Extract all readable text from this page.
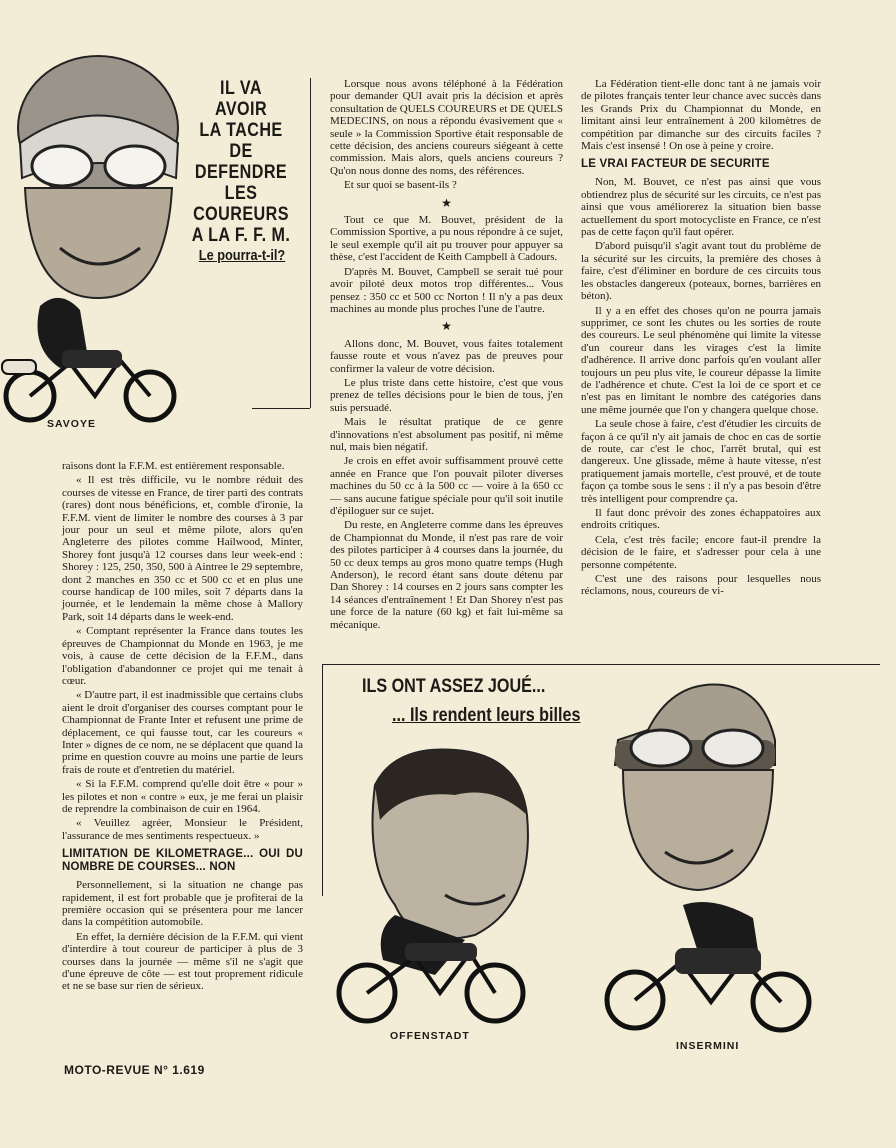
SAVOYE
IL VA
AVOIR
LA TACHE
DE DEFENDRE
LES
COUREURS
A LA F. F. M.
Le pourra-t-il?

raisons dont la F.F.M. est entièrement responsable.

« Il est très difficile, vu le nombre réduit des courses de vitesse en France, de tirer parti des contrats (rares) dont nous bénéficions, et, comble d'ironie, la F.F.M. vient de limiter le nombre des courses à 3 par jour pour un seul et même pilote, alors qu'en Angleterre des pilotes comme Hailwood, Minter, Shorey font jusqu'à 12 courses dans leur week-end : Shorey : 125, 250, 350, 500 à Aintree le 29 septembre, dont 2 manches en 350 cc et 500 cc et en plus une course handicap de 100 miles, soit 7 départs dans la journée, et le lendemain la même chose à Mallory Park, soit 14 départs dans le week-end.

« Comptant représenter la France dans toutes les épreuves de Championnat du Monde en 1963, je me vois, à cause de cette décision de la F.F.M., dans l'obligation d'abandonner ce projet qui me tenait à cœur.

« D'autre part, il est inadmissible que certains clubs aient le droit d'organiser des courses comptant pour le Championnat de Frante Inter et refusent une prime de déplacement, ce qui fausse tout, car les coureurs « Inter » dignes de ce nom, ne se déplacent que quand la prime en question couvre au moins une partie de leurs frais de route et d'entretien du matériel.

« Si la F.F.M. comprend qu'elle doit être « pour » les pilotes et non « contre » eux, je me ferai un plaisir de reprendre la combinaison de cuir en 1964.

« Veuillez agréer, Monsieur le Président, l'assurance de mes sentiments respectueux. »

LIMITATION DE KILOMETRAGE... OUI DU NOMBRE DE COURSES... NON

Personnellement, si la situation ne change pas rapidement, il est fort probable que je profiterai de la première occasion qui se présentera pour me lancer dans la compétition automobile.

En effet, la dernière décision de la F.F.M. qui vient d'interdire à tout coureur de participer à plus de 3 courses dans la journée — même s'il ne s'agit que d'une épreuve de côte — est tout proprement ridicule et ne se base sur rien de sérieux.

Lorsque nous avons téléphoné à la Fédération pour demander QUI avait pris la décision et après consultation de QUELS COUREURS et DE QUELS MEDECINS, on nous a répondu évasivement que « seule » la Commission Sportive était responsable de cette décision, des anciens coureurs siégeant à cette commission. Mais alors, quels anciens coureurs ? Qu'on nous donne des noms, des références.

Et sur quoi se basent-ils ?

★

Tout ce que M. Bouvet, président de la Commission Sportive, a pu nous répondre à ce sujet, le seul exemple qu'il ait pu trouver pour appuyer sa thèse, c'est l'accident de Keith Campbell à Cadours.

D'après M. Bouvet, Campbell se serait tué pour avoir piloté deux motos trop différentes... Vous pensez : 350 cc et 500 cc Norton ! Il n'y a pas deux machines au monde plus proches l'une de l'autre.

★

Allons donc, M. Bouvet, vous faites totalement fausse route et vous n'avez pas de preuves pour confirmer la valeur de votre décision.

Le plus triste dans cette histoire, c'est que vous prenez de telles décisions pour le bien de tous, j'en suis persuadé.

Mais le résultat pratique de ce genre d'innovations n'est absolument pas positif, ni même nul, mais bien négatif.

Je crois en effet avoir suffisamment prouvé cette année en France que l'on pouvait piloter diverses machines du 50 cc à la 500 cc — voire à la 650 cc — sans aucune fatigue spéciale pour qu'il soit inutile d'épiloguer sur ce sujet.

Du reste, en Angleterre comme dans les épreuves de Championnat du Monde, il n'est pas rare de voir des pilotes participer à 4 courses dans la journée, du 50 cc deux temps au gros mono quatre temps (Hugh Anderson), le record étant sans doute détenu par Dan Shorey : 14 courses en 2 jours sans compter les 14 séances d'entraînement ! Et Dan Shorey n'est pas une force de la nature (60 kg) et fait lui-même sa mécanique.

La Fédération tient-elle donc tant à ne jamais voir de pilotes français tenter leur chance avec succès dans les Grands Prix du Championnat du Monde, en limitant ainsi leur entraînement à 200 kilomètres de compétition par dimanche sur des circuits faciles ? Mais c'est insensé ! On ose à peine y croire.

LE VRAI FACTEUR DE SECURITE

Non, M. Bouvet, ce n'est pas ainsi que vous obtiendrez plus de sécurité sur les circuits, ce n'est pas ainsi que vous améliorerez la situation bien basse actuellement du sport motocycliste en France, ce n'est pas de cette façon qu'il faut opérer.

D'abord puisqu'il s'agit avant tout du problème de la sécurité sur les circuits, la première des choses à faire, c'est d'éliminer en bordure de ces circuits tous les obstacles dangereux (poteaux, bornes, barrières en béton).

Il y a en effet des choses qu'on ne pourra jamais supprimer, ce sont les chutes ou les sorties de route des coureurs. Le seul phénomène qui limite la vitesse d'un coureur dans les virages c'est la limite d'adhérence. Il arrive donc parfois qu'en voulant aller toujours un peu plus vite, le coureur dépasse la limite de l'adhérence et chute. C'est la loi de ce sport et ce n'est pas en limitant le nombre des catégories dans une même journée que l'on y changera quelque chose.

La seule chose à faire, c'est d'étudier les circuits de façon à ce qu'il n'y ait jamais de choc en cas de sortie de route, car c'est le choc, l'arrêt brutal, qui est dangereux. Une glissade, même à haute vitesse, n'est pratiquement jamais mortelle, c'est prouvé, et de toute façon ça tombe sous le sens : il n'y a pas besoin d'être très intelligent pour comprendre ça.

Il faut donc prévoir des zones échappatoires aux endroits critiques.

Cela, c'est très facile; encore faut-il prendre la décision de le faire, et s'adresser pour cela à une personne compétente.

C'est une des raisons pour lesquelles nous réclamons, nous, coureurs de vi-

ILS ONT ASSEZ JOUÉ...
... Ils rendent leurs billes
OFFENSTADT
INSERMINI
MOTO-REVUE N° 1.619
